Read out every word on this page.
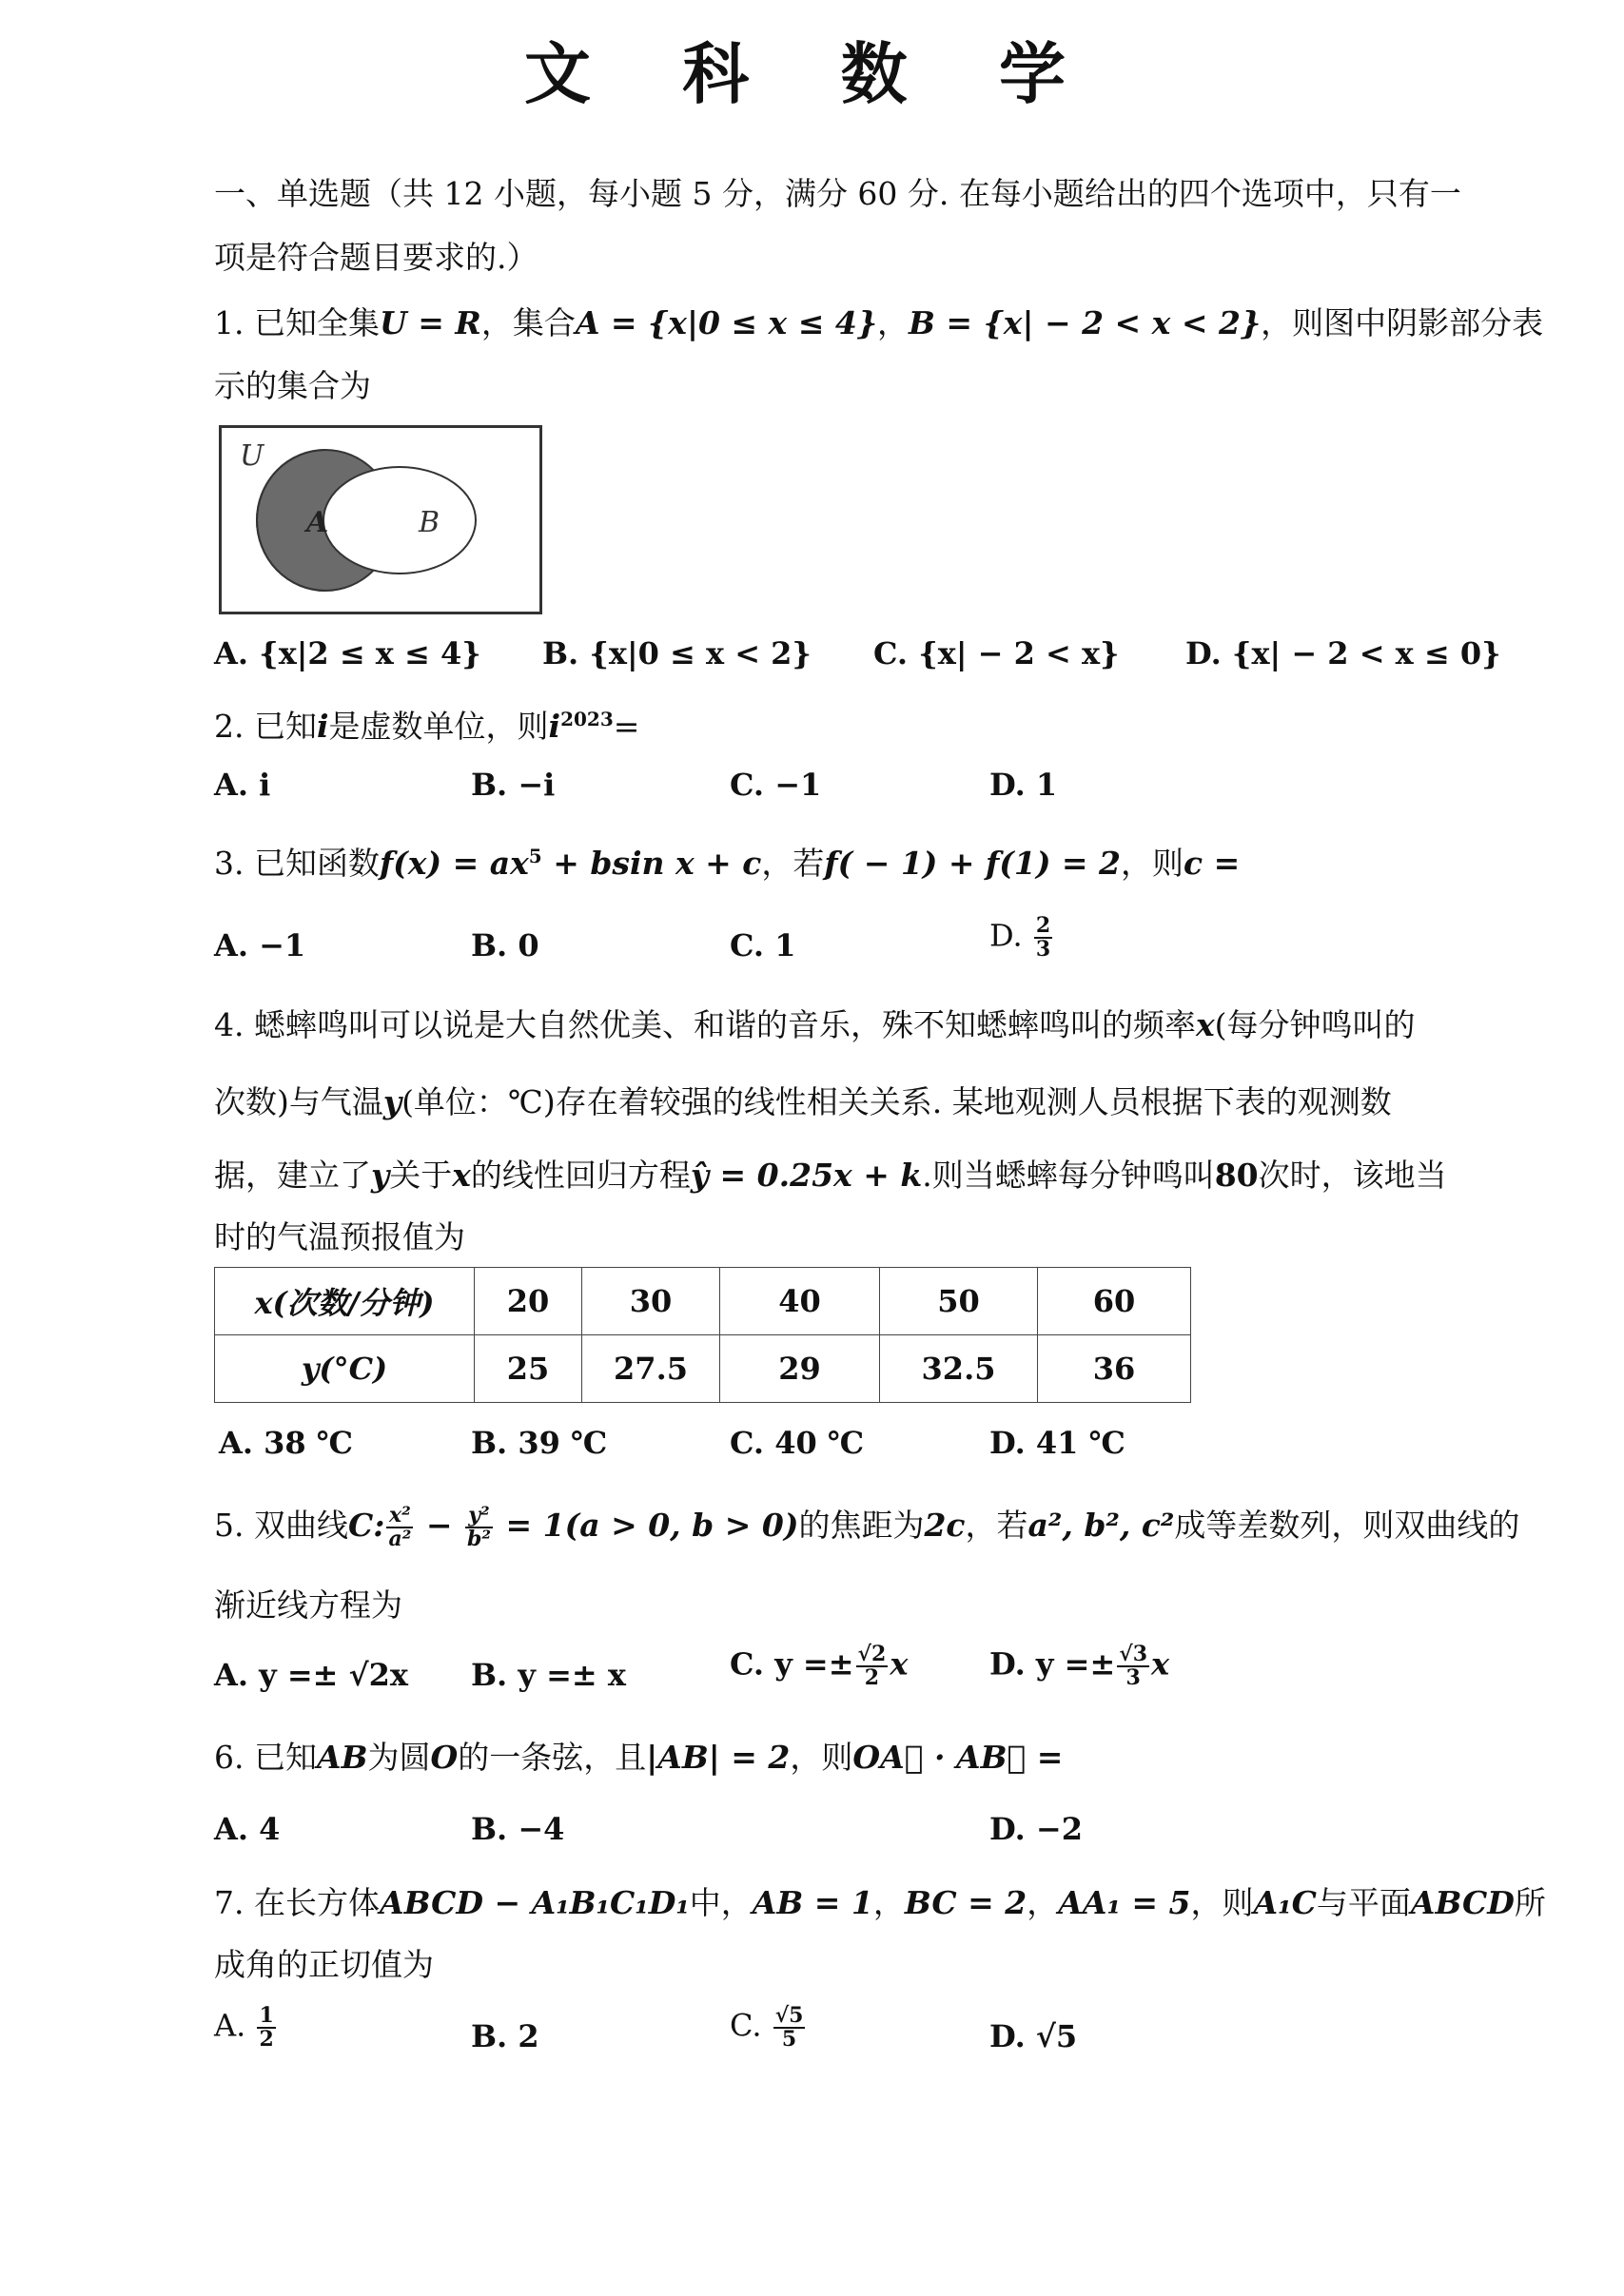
文 科 数 学
一、单选题（共 12 小题，每小题 5 分，满分 60 分. 在每小题给出的四个选项中，只有一
项是符合题目要求的.）
1. 已知全集U = R，集合A = {x|0 ≤ x ≤ 4}，B = {x| − 2 < x < 2}，则图中阴影部分表
示的集合为
U
A	B
A. {x|2 ≤ x ≤ 4} B. {x|0 ≤ x < 2} C. {x| − 2 < x} D. {x| − 2 < x ≤ 0}
2. 已知i是虚数单位，则$i^{2023}=$
A. i	B. −i	C. −1	D. 1
3. 已知函数$f(x) = ax^5 + bsin$ x + c，若f( − 1) + f(1) = 2，则c =
A. −1	B. 0	C. 1	D. $\frac{2}{3}$
4. 蟋蟀鸣叫可以说是大自然优美、和谐的音乐，殊不知蟋蟀鸣叫的频率x(每分钟鸣叫的
次数)与气温y(单位：℃)存在着较强的线性相关关系. 某地观测人员根据下表的观测数
据，建立了y关于x的线性回归方程ŷ = 0.25x + k.则当蟋蟀每分钟鸣叫80次时，该地当
时的气温预报值为
x(次数/分钟)	20	30	40	50	60
y(°C)	25	27.5	29	32.5	36
A. 38 ℃	B. 39 ℃	C. 40 ℃	D. 41 ℃
5. 双曲线C: $\frac{\text{x²}}{\text{a²}} - \frac{\text{y²}}{\text{b²}} = 1(a > 0$, b > 0)的焦距为2c，若a², b², c²成等差数列，则双曲线的
渐近线方程为
A. y =± √2x B. y =± x	C. $y =\pm \frac{√2}{2}$ x	D. $y =\pm \frac{√3}{3}$ x
6. 已知AB为圆O的一条弦，且|AB| = 2，则OA⃗ · AB⃗ =
A. 4	B. −4	D. −2
7. 在长方体ABCD − A₁B₁C₁D₁中，AB = 1，BC = 2，AA₁ = 5，则A₁C与平面ABCD所
成角的正切值为
A. $\frac{1}{2}$	B. 2	C. $\frac{√5}{5}$	D. √5
